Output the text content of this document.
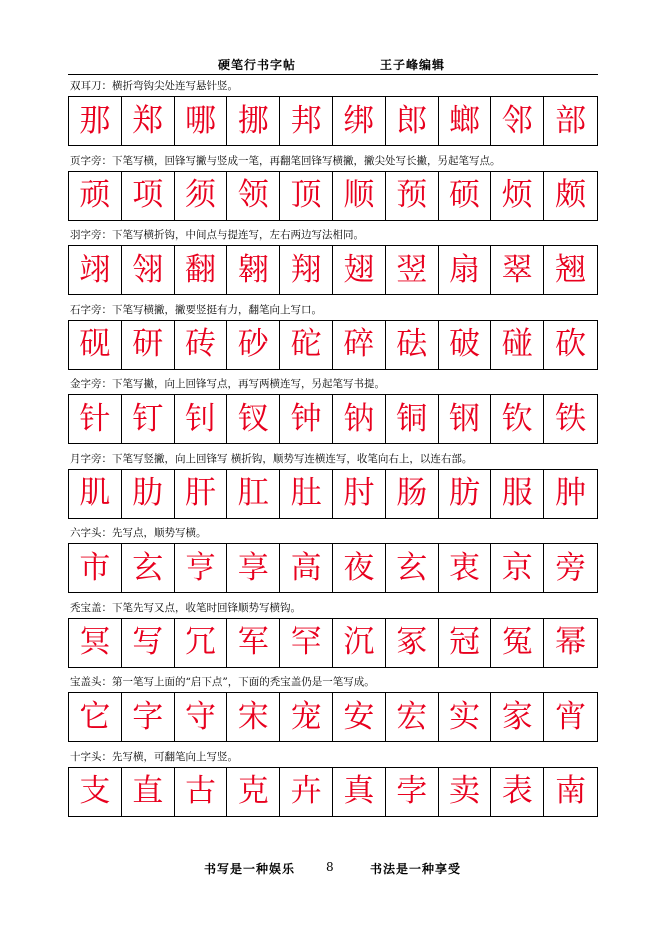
硬笔行书字帖	王子峰编辑
双耳刀：横折弯钩尖处连写悬针竖。
那 郑 哪 挪 邦 绑 郎 螂 邻 部
页字旁：下笔写横，回锋写撇与竖成一笔，再翻笔回锋写横撇，撇尖处写长撇，另起笔写点。
顽 项 须 领 顶 顺 预 硕 烦 颇
羽字旁：下笔写横折钩，中间点与提连写，左右两边写法相同。
翊 翎 翻 翱 翔 翅 翌 扇 翠 翘
石字旁：下笔写横撇，撇要竖挺有力，翻笔向上写口。
砚 研 砖 砂 砣 碎 砝 破 碰 砍
金字旁：下笔写撇，向上回锋写点，再写两横连写，另起笔写书提。
针 钉 钊 钗 钟 钠 铜 钢 钦 铁
月字旁：下笔写竖撇，向上回锋写 横折钩，顺势写连横连写，收笔向右上，以连右部。
肌 肋 肝 肛 肚 肘 肠 肪 服 肿
六字头：先写点，顺势写横。
市 玄 亨 享 高 夜 玄 衷 京 旁
秃宝盖：下笔先写又点，收笔时回锋顺势写横钩。
冥 写 冗 军 罕 沉 冢 冠 冤 幂
宝盖头：第一笔写上面的“启下点”，下面的秃宝盖仍是一笔写成。
它 字 守 宋 宠 安 宏 实 家 宵
十字头：先写横，可翻笔向上写竖。
支 直 古 克 卉 真 孛 卖 表 南
书写是一种娱乐	8	书法是一种享受
